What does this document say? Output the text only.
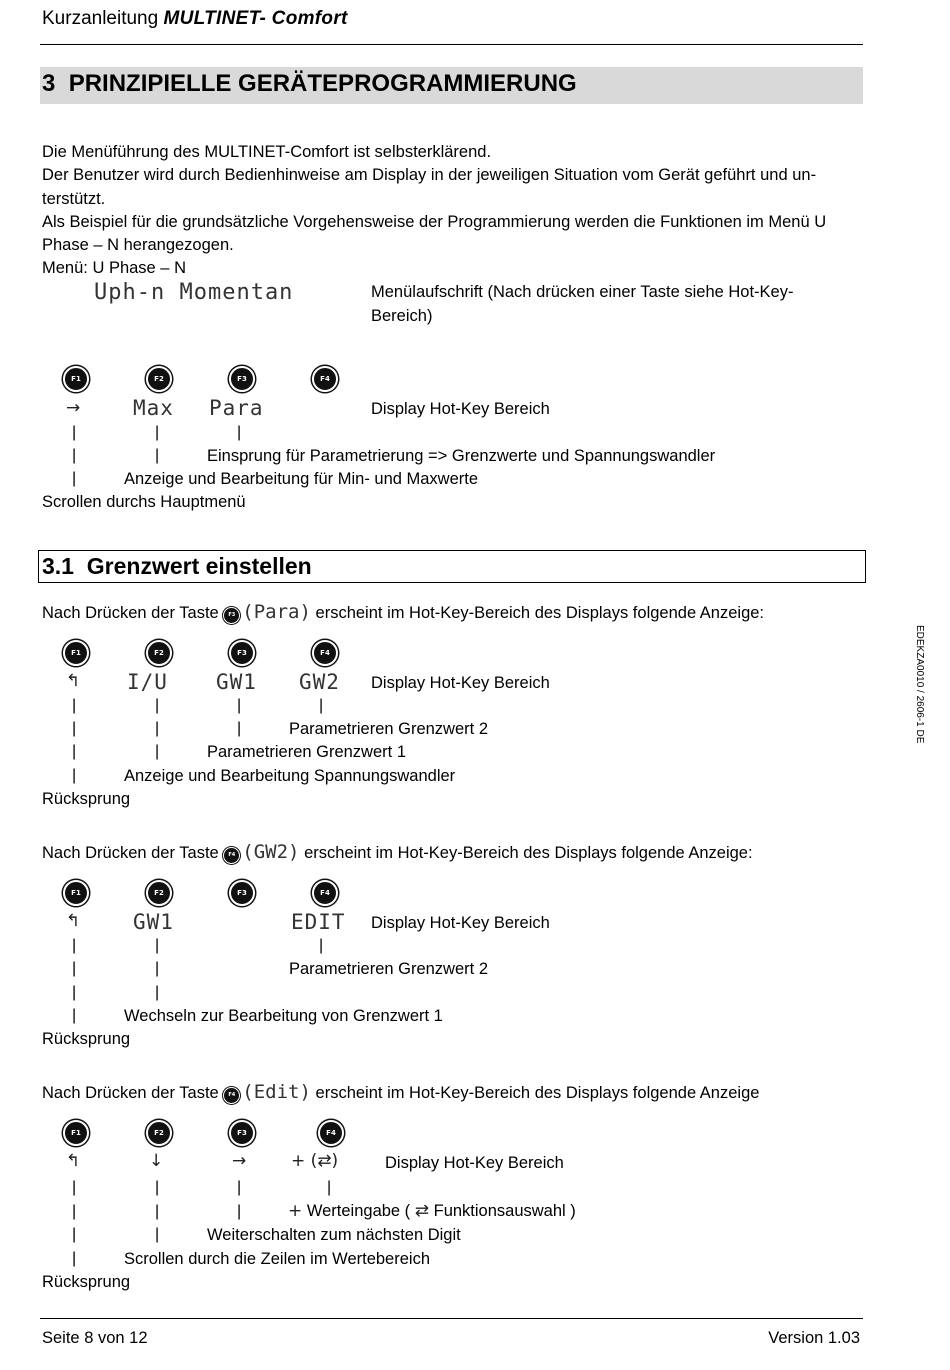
Kurzanleitung MULTINET- Comfort
3 PRINZIPIELLE GERÄTEPROGRAMMIERUNG
Die Menüführung des MULTINET-Comfort ist selbsterklärend.
Der Benutzer wird durch Bedienhinweise am Display in der jeweiligen Situation vom Gerät geführt und un-
terstützt.
Als Beispiel für die grundsätzliche Vorgehensweise der Programmierung werden die Funktionen im Menü U
Phase – N herangezogen.
Menü: U Phase – N
Uph-n Momentan	Menülaufschrift (Nach drücken einer Taste siehe Hot-Key-
Bereich)
F1	F2	F3	F4
→	Max Para	Display Hot-Key Bereich
|	|	|
|	|	Einsprung für Parametrierung => Grenzwerte und Spannungswandler
|	Anzeige und Bearbeitung für Min- und Maxwerte
Scrollen durchs Hauptmenü
3.1 Grenzwert einstellen
Nach Drücken der Taste F3 (Para) erscheint im Hot-Key-Bereich des Displays folgende Anzeige:
F1	F2	F3	F4
↰ I/U GW1 GW2 Display Hot-Key Bereich
|	|	|	|
|	|	|	Parametrieren Grenzwert 2
|	|	Parametrieren Grenzwert 1
|	Anzeige und Bearbeitung Spannungswandler
Rücksprung
Nach Drücken der Taste F4 (GW2) erscheint im Hot-Key-Bereich des Displays folgende Anzeige:
F1	F2	F3	F4
↰	GW1	EDIT Display Hot-Key Bereich
|	|	|
|	|	Parametrieren Grenzwert 2
|	|
|	Wechseln zur Bearbeitung von Grenzwert 1
Rücksprung
Nach Drücken der Taste F4 (Edit) erscheint im Hot-Key-Bereich des Displays folgende Anzeige
F1	F2	F3	F4
↰	↓	→	+ (⇄)	Display Hot-Key Bereich
|	|	|	|
|	|	|	+ Werteingabe ( ⇄ Funktionsauswahl )
|	|	Weiterschalten zum nächsten Digit
|	Scrollen durch die Zeilen im Wertebereich
Rücksprung
Seite 8 von 12	Version 1.03
EDEKZA0010 / 2606-1 DE
